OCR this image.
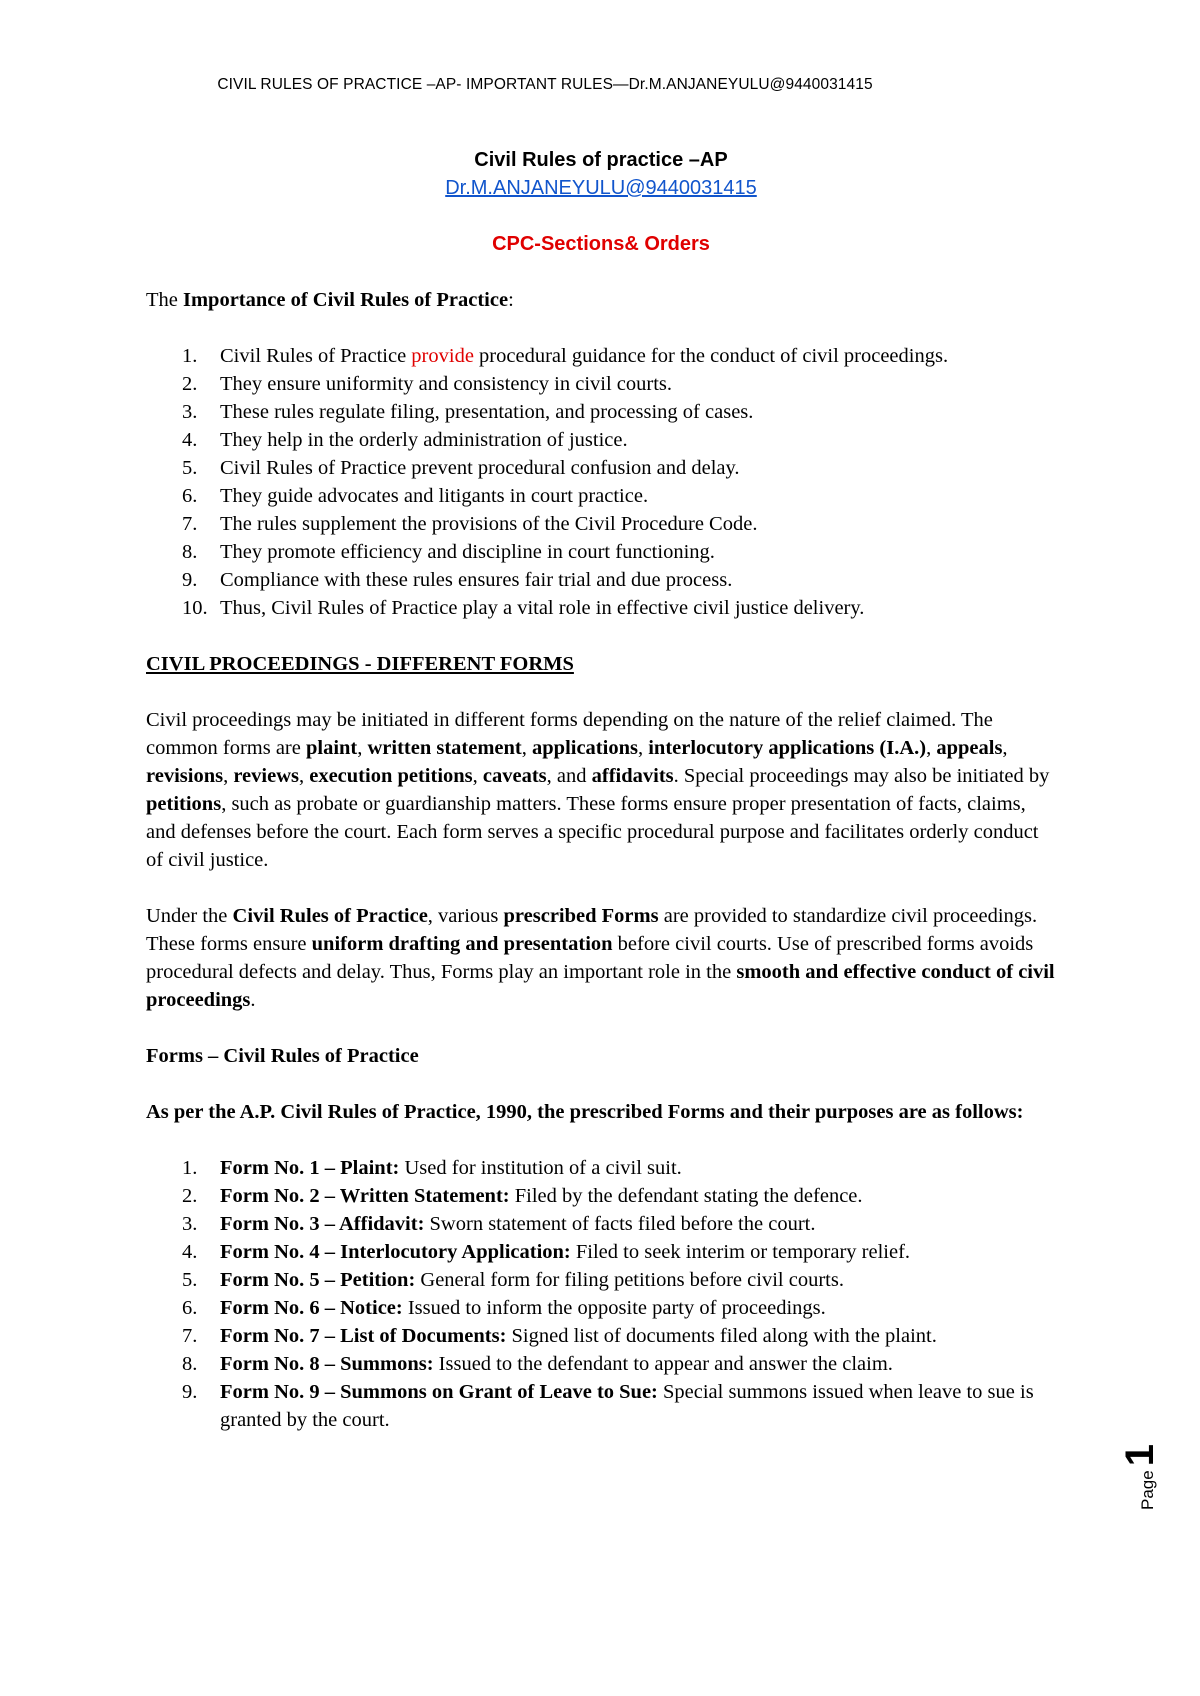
CIVIL RULES OF PRACTICE –AP- IMPORTANT RULES—Dr.M.ANJANEYULU@9440031415
Civil Rules of practice –AP
Dr.M.ANJANEYULU@9440031415
CPC-Sections& Orders

The Importance of Civil Rules of Practice:

1. Civil Rules of Practice provide procedural guidance for the conduct of civil proceedings.
2. They ensure uniformity and consistency in civil courts.
3. These rules regulate filing, presentation, and processing of cases.
4. They help in the orderly administration of justice.
5. Civil Rules of Practice prevent procedural confusion and delay.
6. They guide advocates and litigants in court practice.
7. The rules supplement the provisions of the Civil Procedure Code.
8. They promote efficiency and discipline in court functioning.
9. Compliance with these rules ensures fair trial and due process.
10. Thus, Civil Rules of Practice play a vital role in effective civil justice delivery.

CIVIL PROCEEDINGS - DIFFERENT FORMS

Civil proceedings may be initiated in different forms depending on the nature of the relief claimed. The common forms are plaint, written statement, applications, interlocutory applications (I.A.), appeals, revisions, reviews, execution petitions, caveats, and affidavits. Special proceedings may also be initiated by petitions, such as probate or guardianship matters. These forms ensure proper presentation of facts, claims, and defenses before the court. Each form serves a specific procedural purpose and facilitates orderly conduct of civil justice.

Under the Civil Rules of Practice, various prescribed Forms are provided to standardize civil proceedings. These forms ensure uniform drafting and presentation before civil courts. Use of prescribed forms avoids procedural defects and delay. Thus, Forms play an important role in the smooth and effective conduct of civil proceedings.

Forms – Civil Rules of Practice

As per the A.P. Civil Rules of Practice, 1990, the prescribed Forms and their purposes are as follows:

1. Form No. 1 – Plaint: Used for institution of a civil suit.
2. Form No. 2 – Written Statement: Filed by the defendant stating the defence.
3. Form No. 3 – Affidavit: Sworn statement of facts filed before the court.
4. Form No. 4 – Interlocutory Application: Filed to seek interim or temporary relief.
5. Form No. 5 – Petition: General form for filing petitions before civil courts.
6. Form No. 6 – Notice: Issued to inform the opposite party of proceedings.
7. Form No. 7 – List of Documents: Signed list of documents filed along with the plaint.
8. Form No. 8 – Summons: Issued to the defendant to appear and answer the claim.
9. Form No. 9 – Summons on Grant of Leave to Sue: Special summons issued when leave to sue is granted by the court.
Page1
